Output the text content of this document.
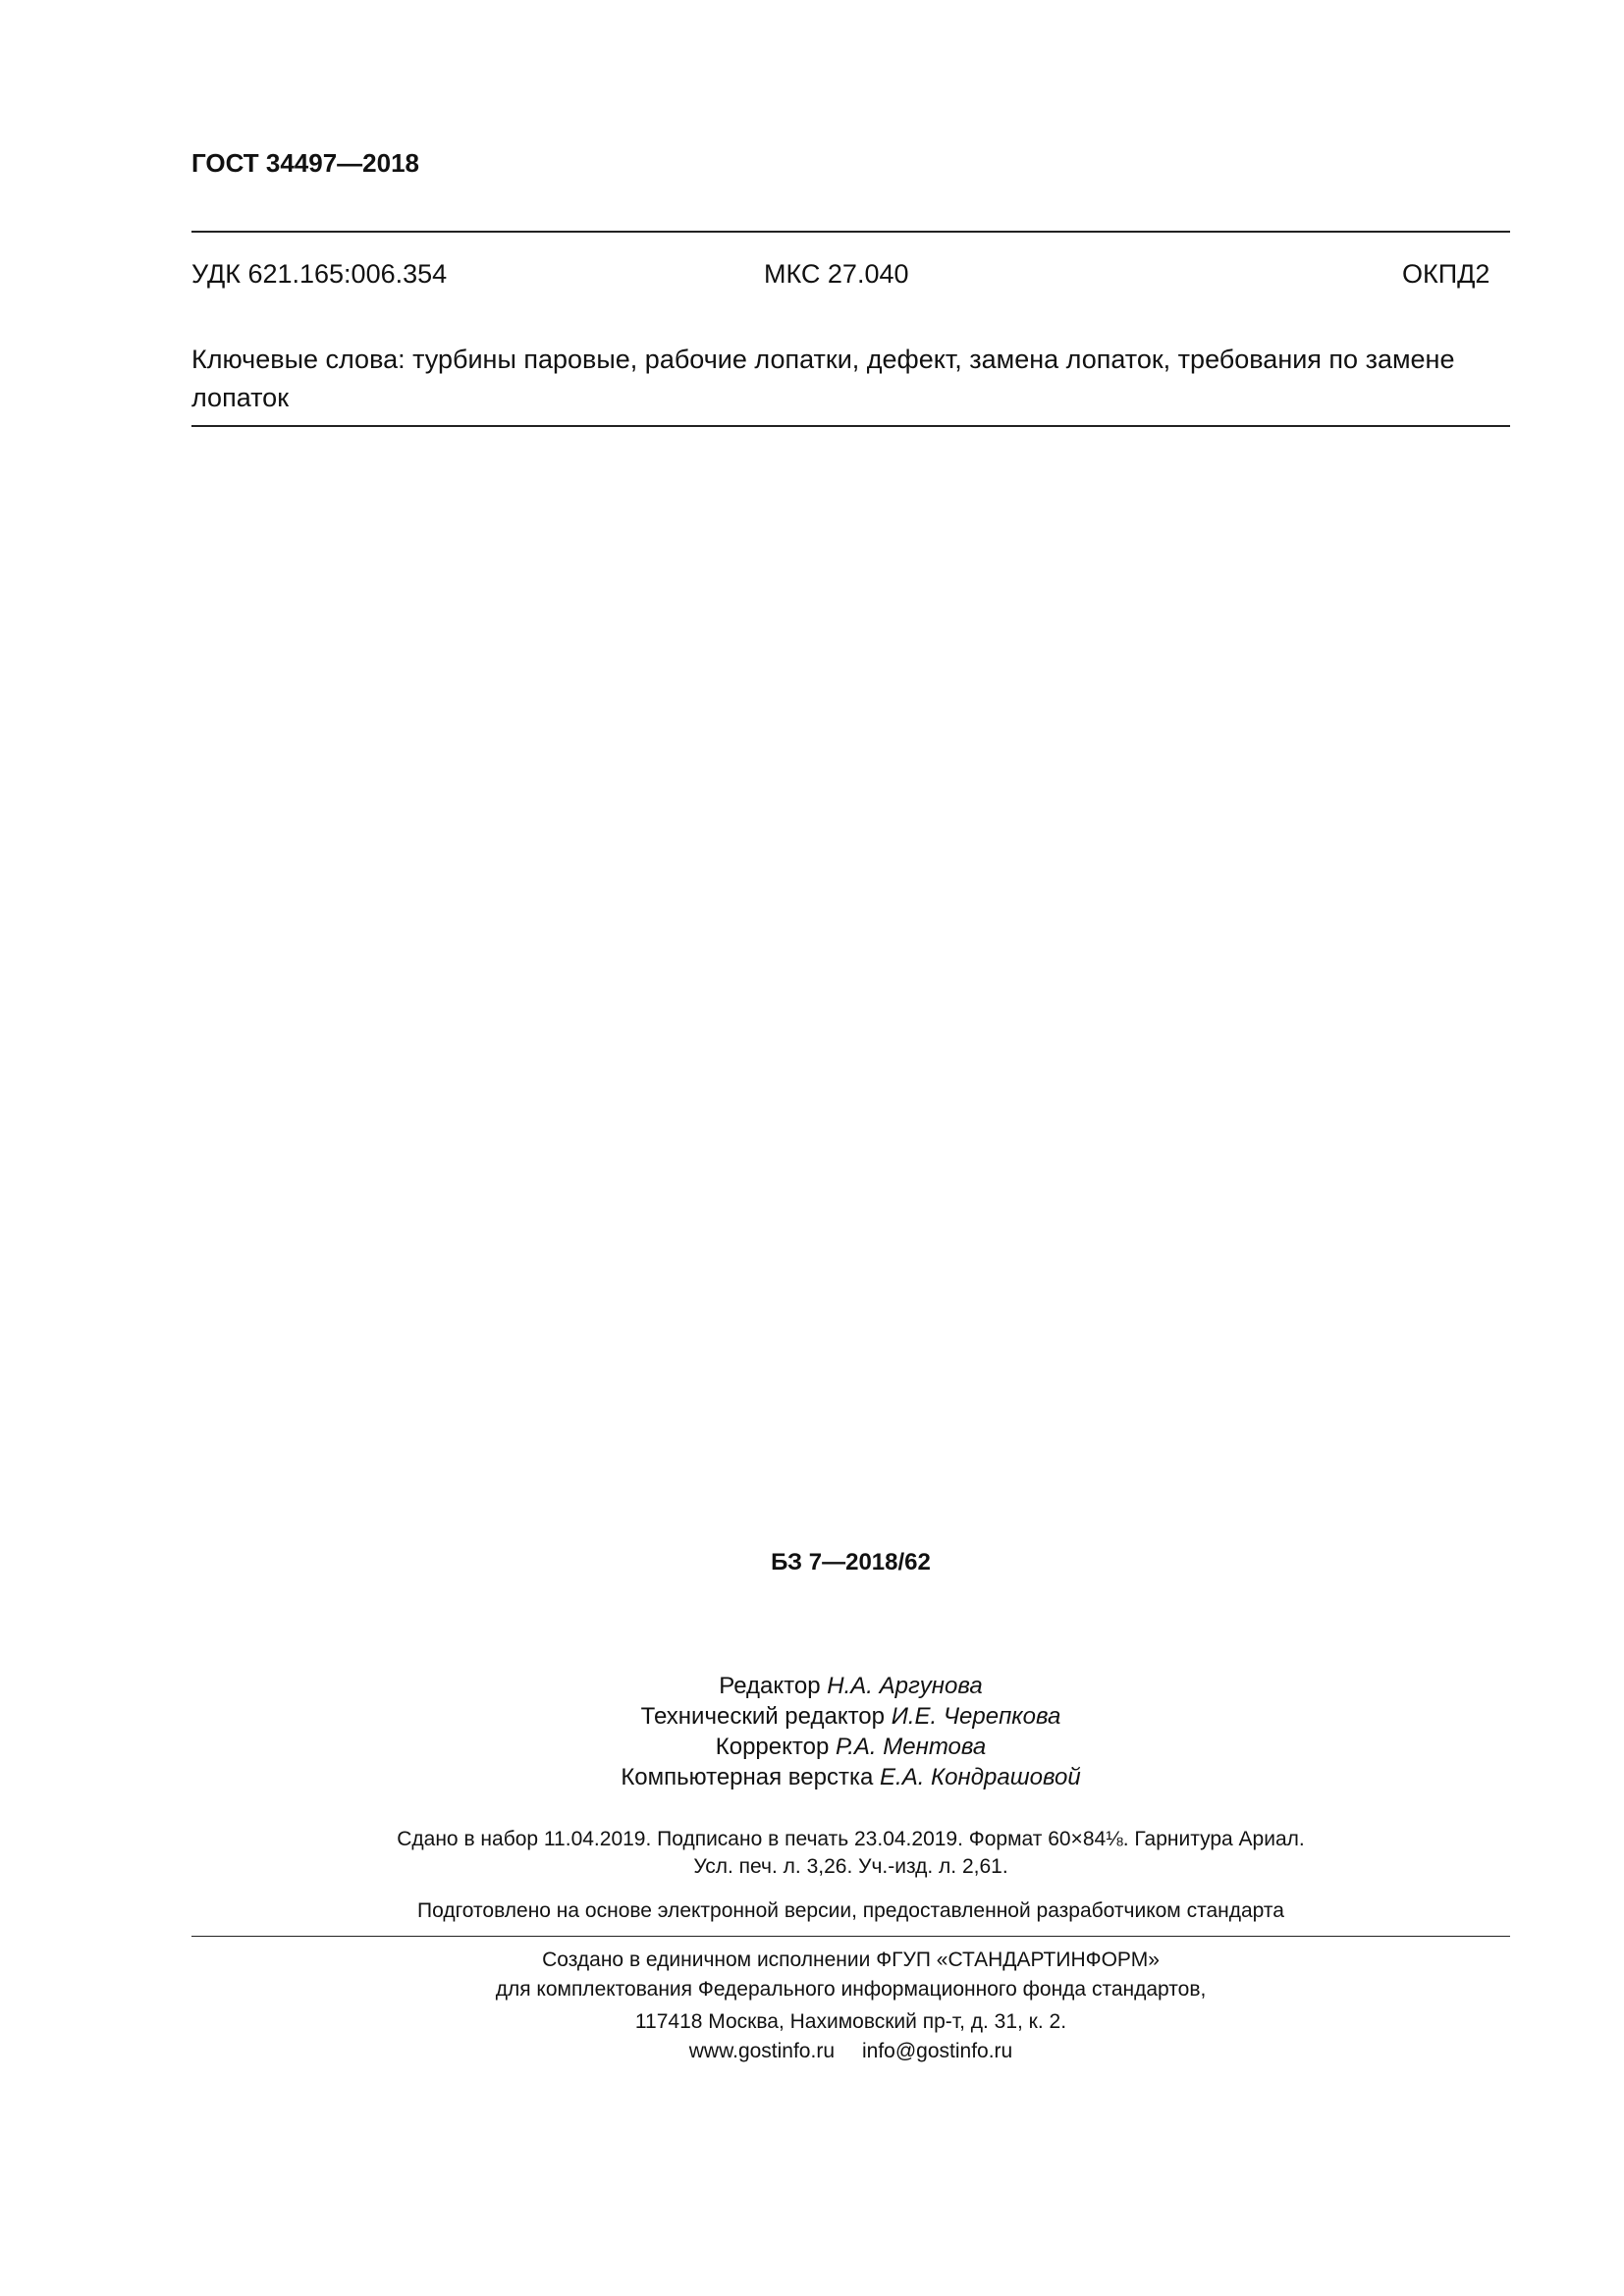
ГОСТ 34497—2018
УДК 621.165:006.354	МКС 27.040	ОКПД2
Ключевые слова: турбины паровые, рабочие лопатки, дефект, замена лопаток, требования по замене лопаток
БЗ 7—2018/62
Редактор Н.А. Аргунова
Технический редактор И.Е. Черепкова
Корректор Р.А. Ментова
Компьютерная верстка Е.А. Кондрашовой
Сдано в набор 11.04.2019. Подписано в печать 23.04.2019. Формат 60×84⅛. Гарнитура Ариал.
Усл. печ. л. 3,26. Уч.-изд. л. 2,61.
Подготовлено на основе электронной версии, предоставленной разработчиком стандарта
Создано в единичном исполнении ФГУП «СТАНДАРТИНФОРМ»
для комплектования Федерального информационного фонда стандартов,
117418 Москва, Нахимовский пр-т, д. 31, к. 2.
www.gostinfo.ru info@gostinfo.ru
